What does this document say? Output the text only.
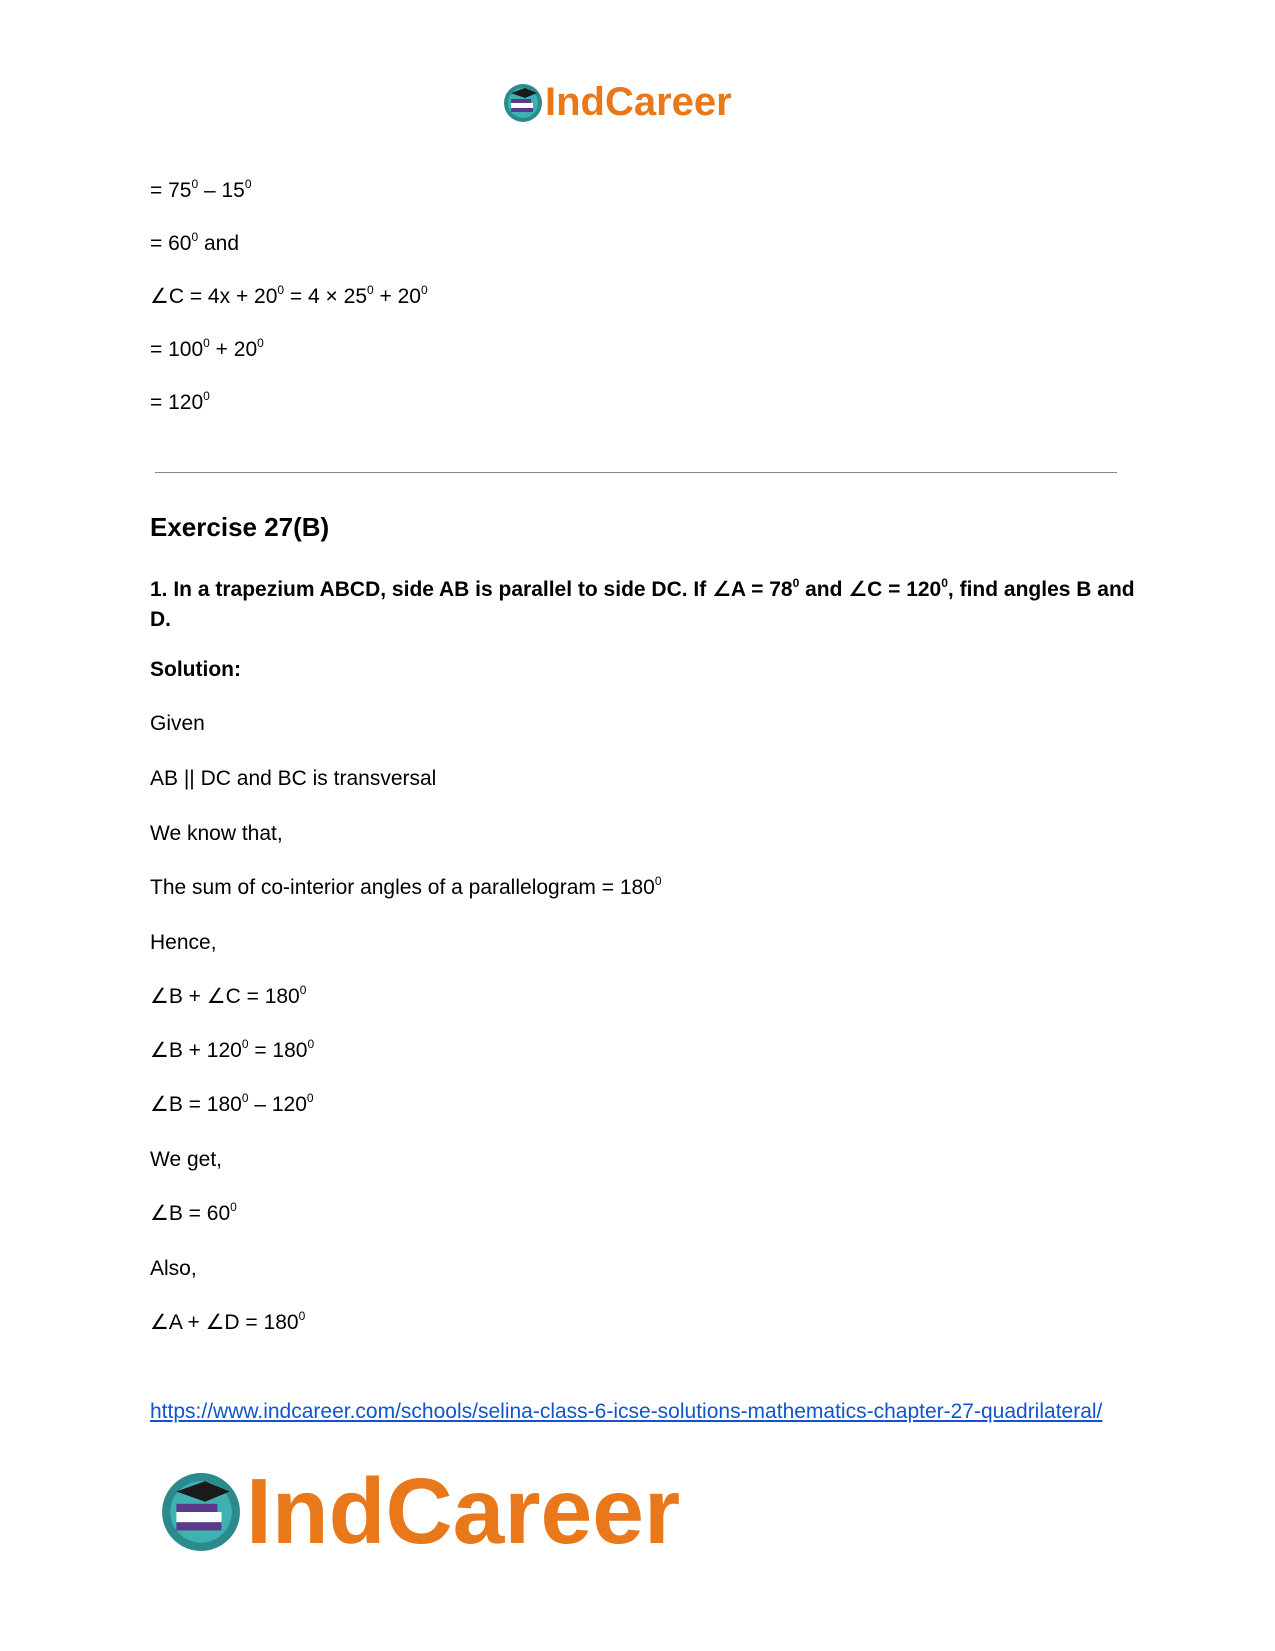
IndCareer
= $75^0 - 15^0$
= $60^0$ and
∠C = $4x + 20^0 = 4 \times 25^0 + 20^0$
= $100^0 + 20^0$
= $120^0$
Exercise 27(B)
1. In a trapezium ABCD, side AB is parallel to side DC. If ∠A = $78^0$ and ∠C = $120^0$, find angles B and D.
Solution:
Given
AB || DC and BC is transversal
We know that,
The sum of co-interior angles of a parallelogram = $180^0$
Hence,
∠B + ∠C = $180^0$
∠B + $120^0 = 180^0$
∠B = $180^0 - 120^0$
We get,
∠B = $60^0$
Also,
∠A + ∠D = $180^0$
https://www.indcareer.com/schools/selina-class-6-icse-solutions-mathematics-chapter-27-quadrilateral/
IndCareer
